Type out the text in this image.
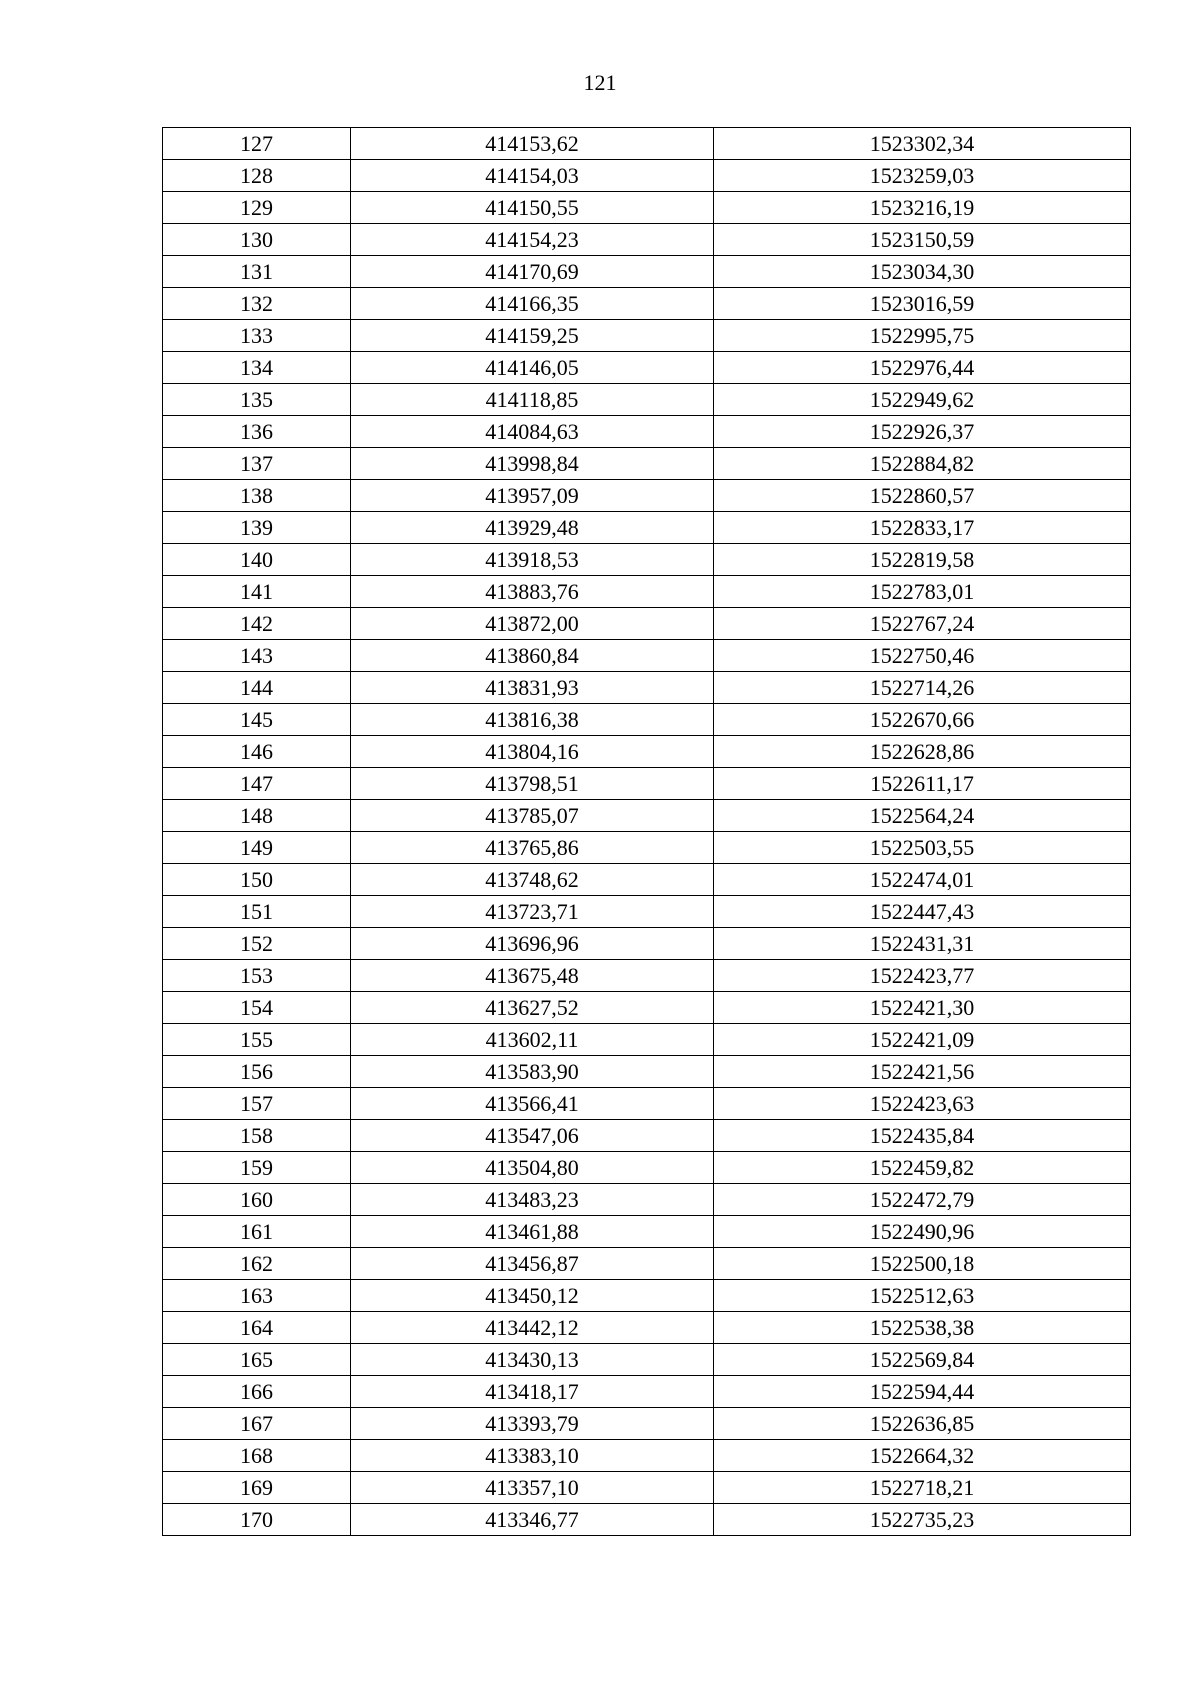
121
127	414153,62	1523302,34
128	414154,03	1523259,03
129	414150,55	1523216,19
130	414154,23	1523150,59
131	414170,69	1523034,30
132	414166,35	1523016,59
133	414159,25	1522995,75
134	414146,05	1522976,44
135	414118,85	1522949,62
136	414084,63	1522926,37
137	413998,84	1522884,82
138	413957,09	1522860,57
139	413929,48	1522833,17
140	413918,53	1522819,58
141	413883,76	1522783,01
142	413872,00	1522767,24
143	413860,84	1522750,46
144	413831,93	1522714,26
145	413816,38	1522670,66
146	413804,16	1522628,86
147	413798,51	1522611,17
148	413785,07	1522564,24
149	413765,86	1522503,55
150	413748,62	1522474,01
151	413723,71	1522447,43
152	413696,96	1522431,31
153	413675,48	1522423,77
154	413627,52	1522421,30
155	413602,11	1522421,09
156	413583,90	1522421,56
157	413566,41	1522423,63
158	413547,06	1522435,84
159	413504,80	1522459,82
160	413483,23	1522472,79
161	413461,88	1522490,96
162	413456,87	1522500,18
163	413450,12	1522512,63
164	413442,12	1522538,38
165	413430,13	1522569,84
166	413418,17	1522594,44
167	413393,79	1522636,85
168	413383,10	1522664,32
169	413357,10	1522718,21
170	413346,77	1522735,23
